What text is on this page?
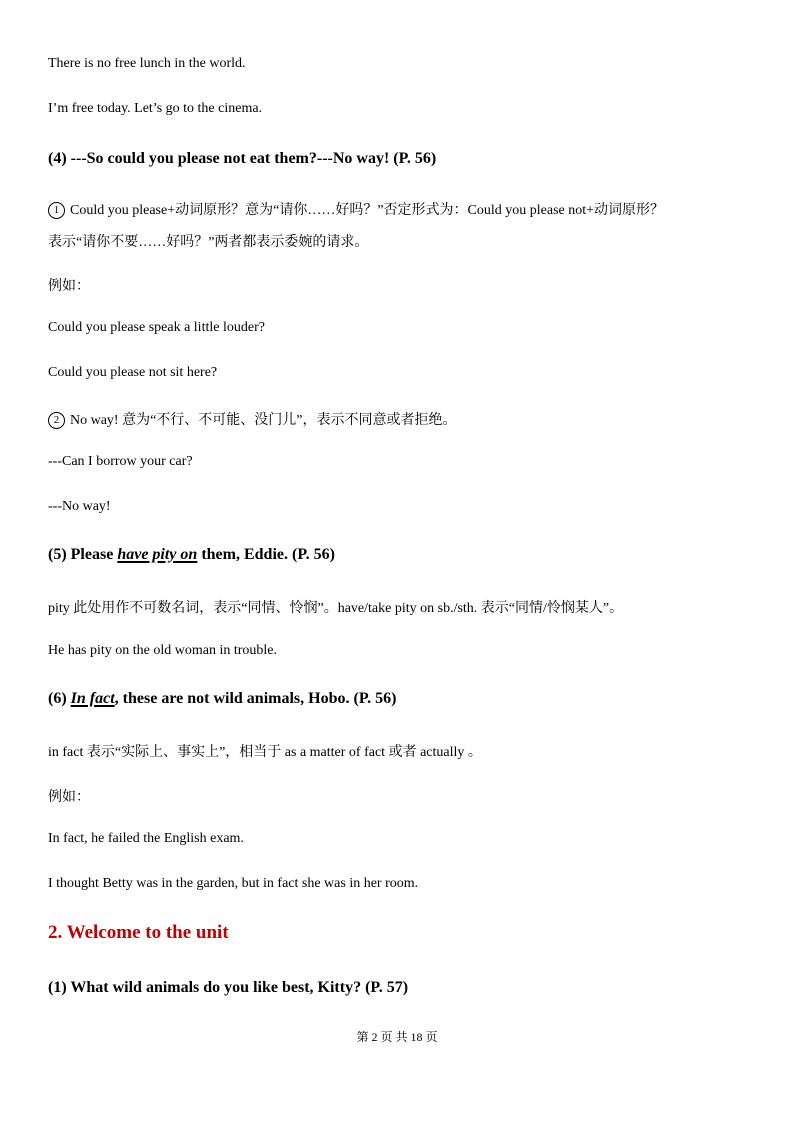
There is no free lunch in the world.
I’m free today. Let’s go to the cinema.
(4) ---So could you please not eat them?---No way! (P. 56)
1 Could you please+动词原形？意为“请你……好吗？”否定形式为：Could you please not+动词原形？
表示“请你不要……好吗？”两者都表示委婉的请求。
例如：
Could you please speak a little louder?
Could you please not sit here?
2 No way! 意为“不行、不可能、没门儿”，表示不同意或者拒绝。
---Can I borrow your car?
---No way!
(5) Please have pity on them, Eddie. (P. 56)
pity 此处用作不可数名词，表示“同情、怜悯”。have/take pity on sb./sth. 表示“同情/怜悯某人”。
He has pity on the old woman in trouble.
(6) In fact, these are not wild animals, Hobo. (P. 56)
in fact 表示“实际上、事实上”，相当于 as a matter of fact 或者 actually 。
例如：
In fact, he failed the English exam.
I thought Betty was in the garden, but in fact she was in her room.
2. Welcome to the unit
(1) What wild animals do you like best, Kitty? (P. 57)
第 2 页 共 18 页
